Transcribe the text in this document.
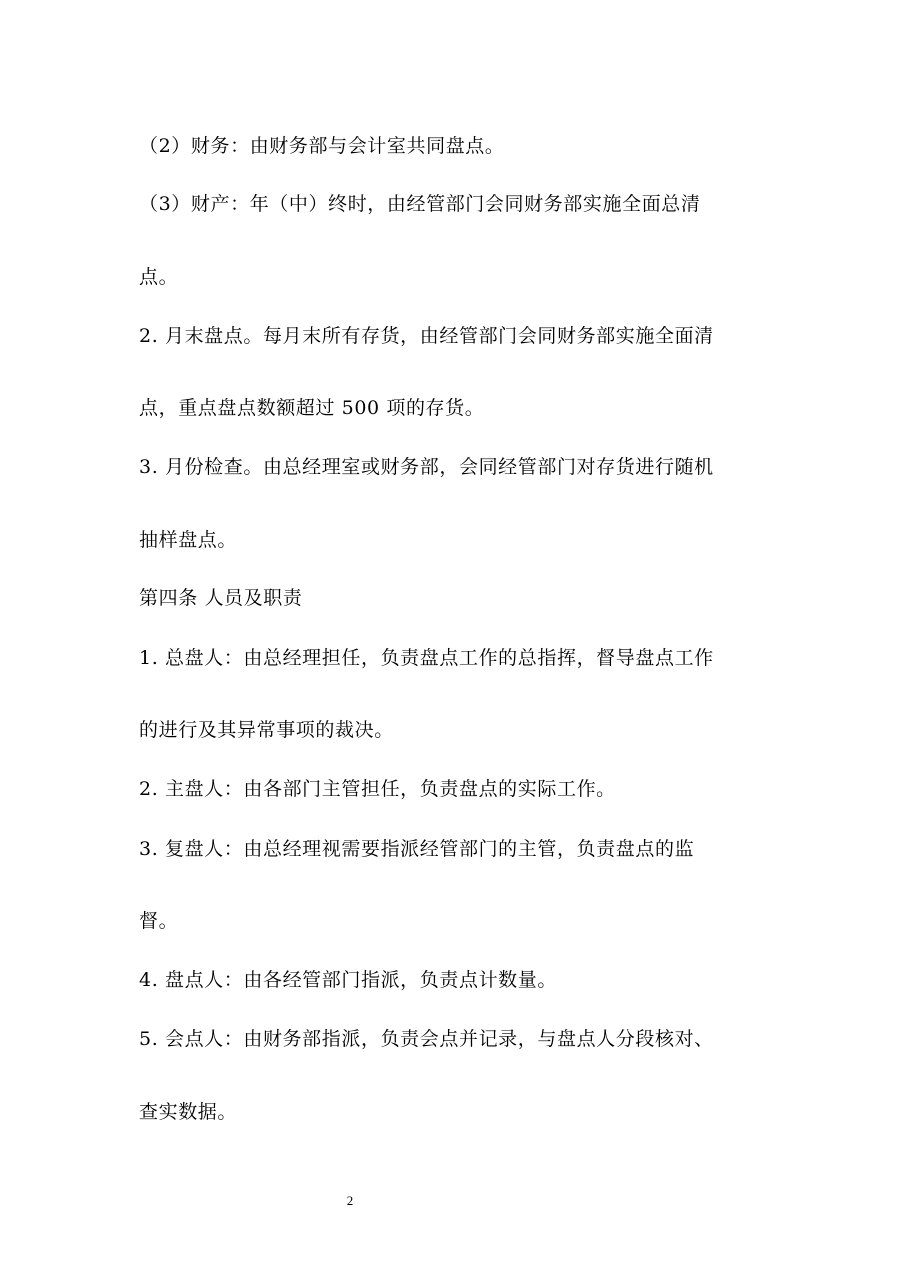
（2）财务：由财务部与会计室共同盘点。
（3）财产：年（中）终时，由经管部门会同财务部实施全面总清
点。
2. 月末盘点。每月末所有存货，由经管部门会同财务部实施全面清
点，重点盘点数额超过 500 项的存货。
3. 月份检查。由总经理室或财务部，会同经管部门对存货进行随机
抽样盘点。
第四条 人员及职责
1. 总盘人：由总经理担任，负责盘点工作的总指挥，督导盘点工作
的进行及其异常事项的裁决。
2. 主盘人：由各部门主管担任，负责盘点的实际工作。
3. 复盘人：由总经理视需要指派经管部门的主管，负责盘点的监
督。
4. 盘点人：由各经管部门指派，负责点计数量。
5. 会点人：由财务部指派，负责会点并记录，与盘点人分段核对、
查实数据。
2
